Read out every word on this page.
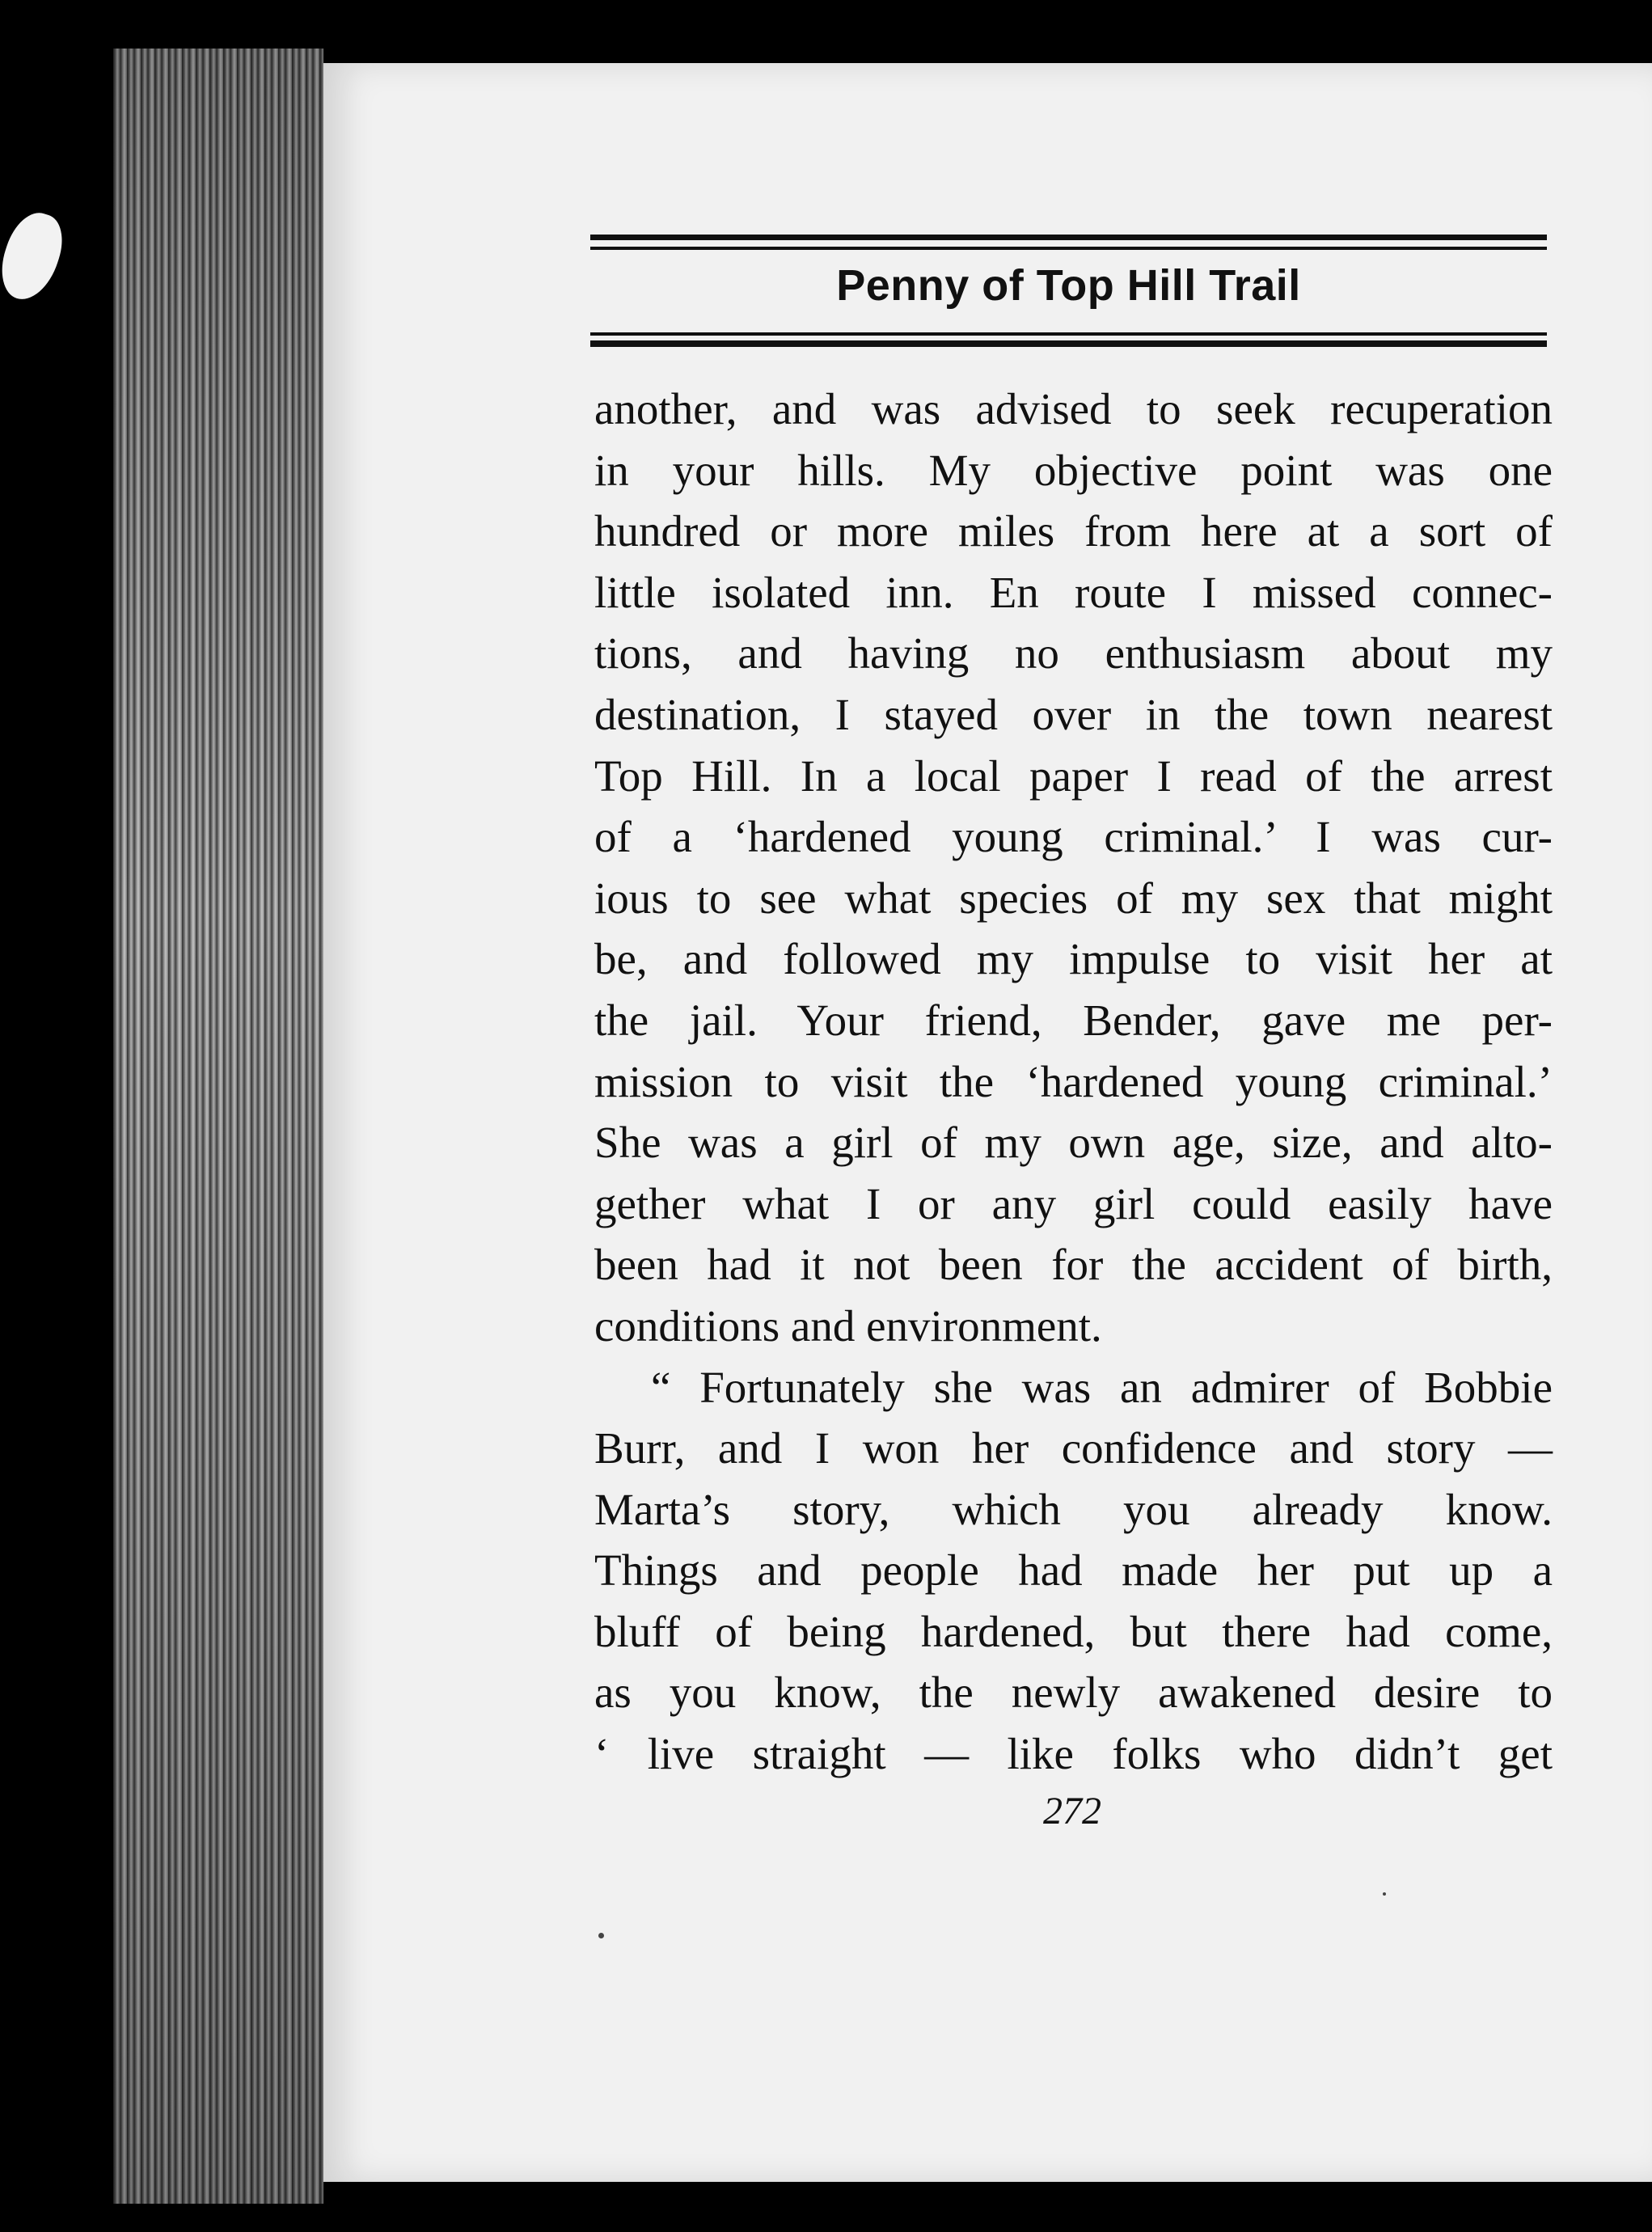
Penny of Top Hill Trail
another, and was advised to seek recuperation
in your hills. My objective point was one
hundred or more miles from here at a sort of
little isolated inn. En route I missed connec-
tions, and having no enthusiasm about my
destination, I stayed over in the town nearest
Top Hill. In a local paper I read of the arrest
of a ‘hardened young criminal.’ I was cur-
ious to see what species of my sex that might
be, and followed my impulse to visit her at
the jail. Your friend, Bender, gave me per-
mission to visit the ‘hardened young criminal.’
She was a girl of my own age, size, and alto-
gether what I or any girl could easily have
been had it not been for the accident of birth,
conditions and environment.
“ Fortunately she was an admirer of Bobbie
Burr, and I won her confidence and story —
Marta’s story, which you already know.
Things and people had made her put up a
bluff of being hardened, but there had come,
as you know, the newly awakened desire to
‘ live straight — like folks who didn’t get
272
